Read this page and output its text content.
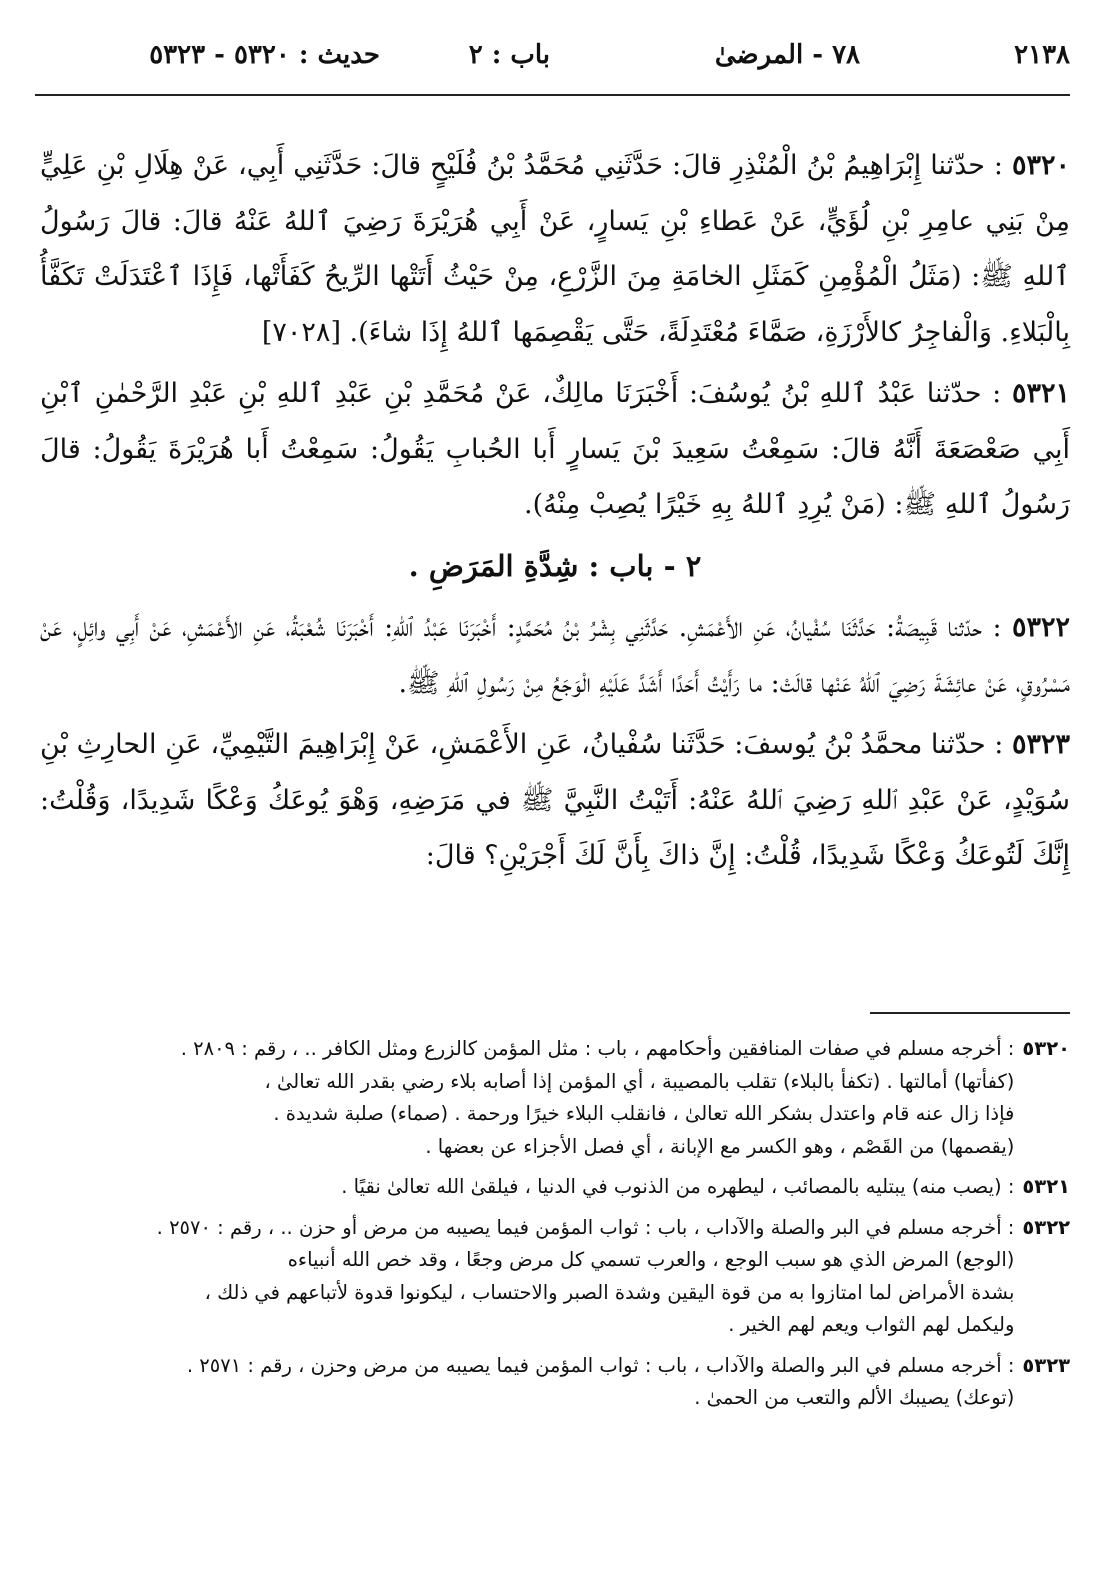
٢١٣٨
٧٨ - المرضىٰ
باب : ٢
حديث : ٥٣٢٠ - ٥٣٢٣

٥٣٢٠ : حدّثنا إِبْرَاهِيمُ بْنُ الْمُنْذِرِ قالَ: حَدَّثَنِي مُحَمَّدُ بْنُ فُلَيْحٍ قالَ: حَدَّثَنِي أَبِي، عَنْ هِلَالِ بْنِ عَلِيٍّ مِنْ بَنِي عامِرِ بْنِ لُؤَيٍّ، عَنْ عَطاءِ بْنِ يَسارٍ، عَنْ أَبِي هُرَيْرَةَ رَضِيَ ٱللهُ عَنْهُ قالَ: قالَ رَسُولُ ٱللهِ ﷺ: (مَثَلُ الْمُؤْمِنِ كَمَثَلِ الخامَةِ مِنَ الزَّرْعِ، مِنْ حَيْثُ أَتَتْها الرِّيحُ كَفَأَتْها، فَإِذَا ٱعْتَدَلَتْ تَكَفَّأُ بِالْبَلاءِ. وَالْفاجِرُ كالأَرْزَةِ، صَمَّاءَ مُعْتَدِلَةً، حَتَّى يَقْصِمَها ٱللهُ إِذَا شاءَ). [٧٠٢٨]

٥٣٢١ : حدّثنا عَبْدُ ٱللهِ بْنُ يُوسُفَ: أَخْبَرَنَا مالِكٌ، عَنْ مُحَمَّدِ بْنِ عَبْدِ ٱللهِ بْنِ عَبْدِ الرَّحْمٰنِ ٱبْنِ أَبِي صَعْصَعَةَ أَنَّهُ قالَ: سَمِعْتُ سَعِيدَ بْنَ يَسارٍ أَبا الحُبابِ يَقُولُ: سَمِعْتُ أَبا هُرَيْرَةَ يَقُولُ: قالَ رَسُولُ ٱللهِ ﷺ: (مَنْ يُرِدِ ٱللهُ بِهِ خَيْرًا يُصِبْ مِنْهُ).

٢ - باب : شِدَّةِ المَرَضِ .

٥٣٢٢ : حدّثنا قَبِيصَةُ: حَدَّثَنَا سُفْيانُ، عَنِ الأَعْمَشِ. حَدَّثَنِي بِشْرُ بْنُ مُحَمَّدٍ: أَخْبَرَنَا عَبْدُ ٱللهِ: أَخْبَرَنَا شُعْبَةُ، عَنِ الأَعْمَشِ، عَنْ أَبِي وائِلٍ، عَنْ مَسْرُوقٍ، عَنْ عائِشَةَ رَضِيَ ٱللهُ عَنْها قالَتْ: ما رَأَيْتُ أَحَدًا أَشَدَّ عَلَيْهِ الْوَجَعُ مِنْ رَسُولِ ٱللهِ ﷺ.

٥٣٢٣ : حدّثنا محمَّدُ بْنُ يُوسفَ: حَدَّثَنا سُفْيانُ، عَنِ الأَعْمَشِ، عَنْ إِبْرَاهِيمَ التَّيْمِيِّ، عَنِ الحارِثِ بْنِ سُوَيْدٍ، عَنْ عَبْدِ ٱللهِ رَضِيَ ٱللهُ عَنْهُ: أَتَيْتُ النَّبِيَّ ﷺ في مَرَضِهِ، وَهْوَ يُوعَكُ وَعْكًا شَدِيدًا، وَقُلْتُ: إِنَّكَ لَتُوعَكُ وَعْكًا شَدِيدًا، قُلْتُ: إِنَّ ذاكَ بِأَنَّ لَكَ أَجْرَيْنِ؟ قالَ:

٥٣٢٠
: أخرجه مسلم في صفات المنافقين وأحكامهم ، باب : مثل المؤمن كالزرع ومثل الكافر .. ، رقم : ٢٨٠٩ .
(كفأتها) أمالتها . (تكفأ بالبلاء) تقلب بالمصيبة ، أي المؤمن إذا أصابه بلاء رضي بقدر الله تعالىٰ ،
فإذا زال عنه قام واعتدل بشكر الله تعالىٰ ، فانقلب البلاء خيرًا ورحمة . (صماء) صلبة شديدة .
(يقصمها) من القَصْم ، وهو الكسر مع الإبانة ، أي فصل الأجزاء عن بعضها .
٥٣٢١
: (يصب منه) يبتليه بالمصائب ، ليطهره من الذنوب في الدنيا ، فيلقىٰ الله تعالىٰ نقيًا .
٥٣٢٢
: أخرجه مسلم في البر والصلة والآداب ، باب : ثواب المؤمن فيما يصيبه من مرض أو حزن .. ، رقم : ٢٥٧٠ .
(الوجع) المرض الذي هو سبب الوجع ، والعرب تسمي كل مرض وجعًا ، وقد خص الله أنبياءه
بشدة الأمراض لما امتازوا به من قوة اليقين وشدة الصبر والاحتساب ، ليكونوا قدوة لأتباعهم في ذلك ،
وليكمل لهم الثواب ويعم لهم الخير .
٥٣٢٣
: أخرجه مسلم في البر والصلة والآداب ، باب : ثواب المؤمن فيما يصيبه من مرض وحزن ، رقم : ٢٥٧١ .
(توعك) يصيبك الألم والتعب من الحمىٰ .
